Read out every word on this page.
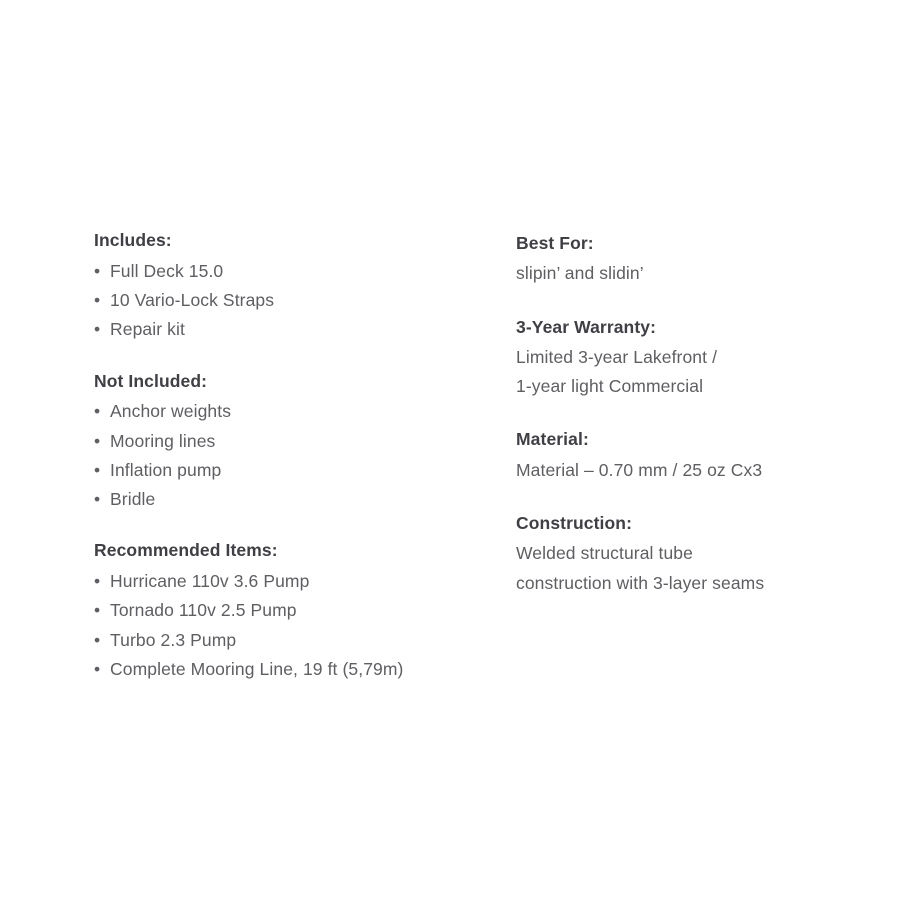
Includes:
• Full Deck 15.0
• 10 Vario-Lock Straps
• Repair kit
Not Included:
• Anchor weights
• Mooring lines
• Inflation pump
• Bridle
Recommended Items:
• Hurricane 110v 3.6 Pump
• Tornado 110v 2.5 Pump
• Turbo 2.3 Pump
• Complete Mooring Line, 19 ft (5,79m)
Best For:
slipin’ and slidin’
3-Year Warranty:
Limited 3-year Lakefront /
1-year light Commercial
Material:
Material – 0.70 mm / 25 oz Cx3
Construction:
Welded structural tube
construction with 3-layer seams
